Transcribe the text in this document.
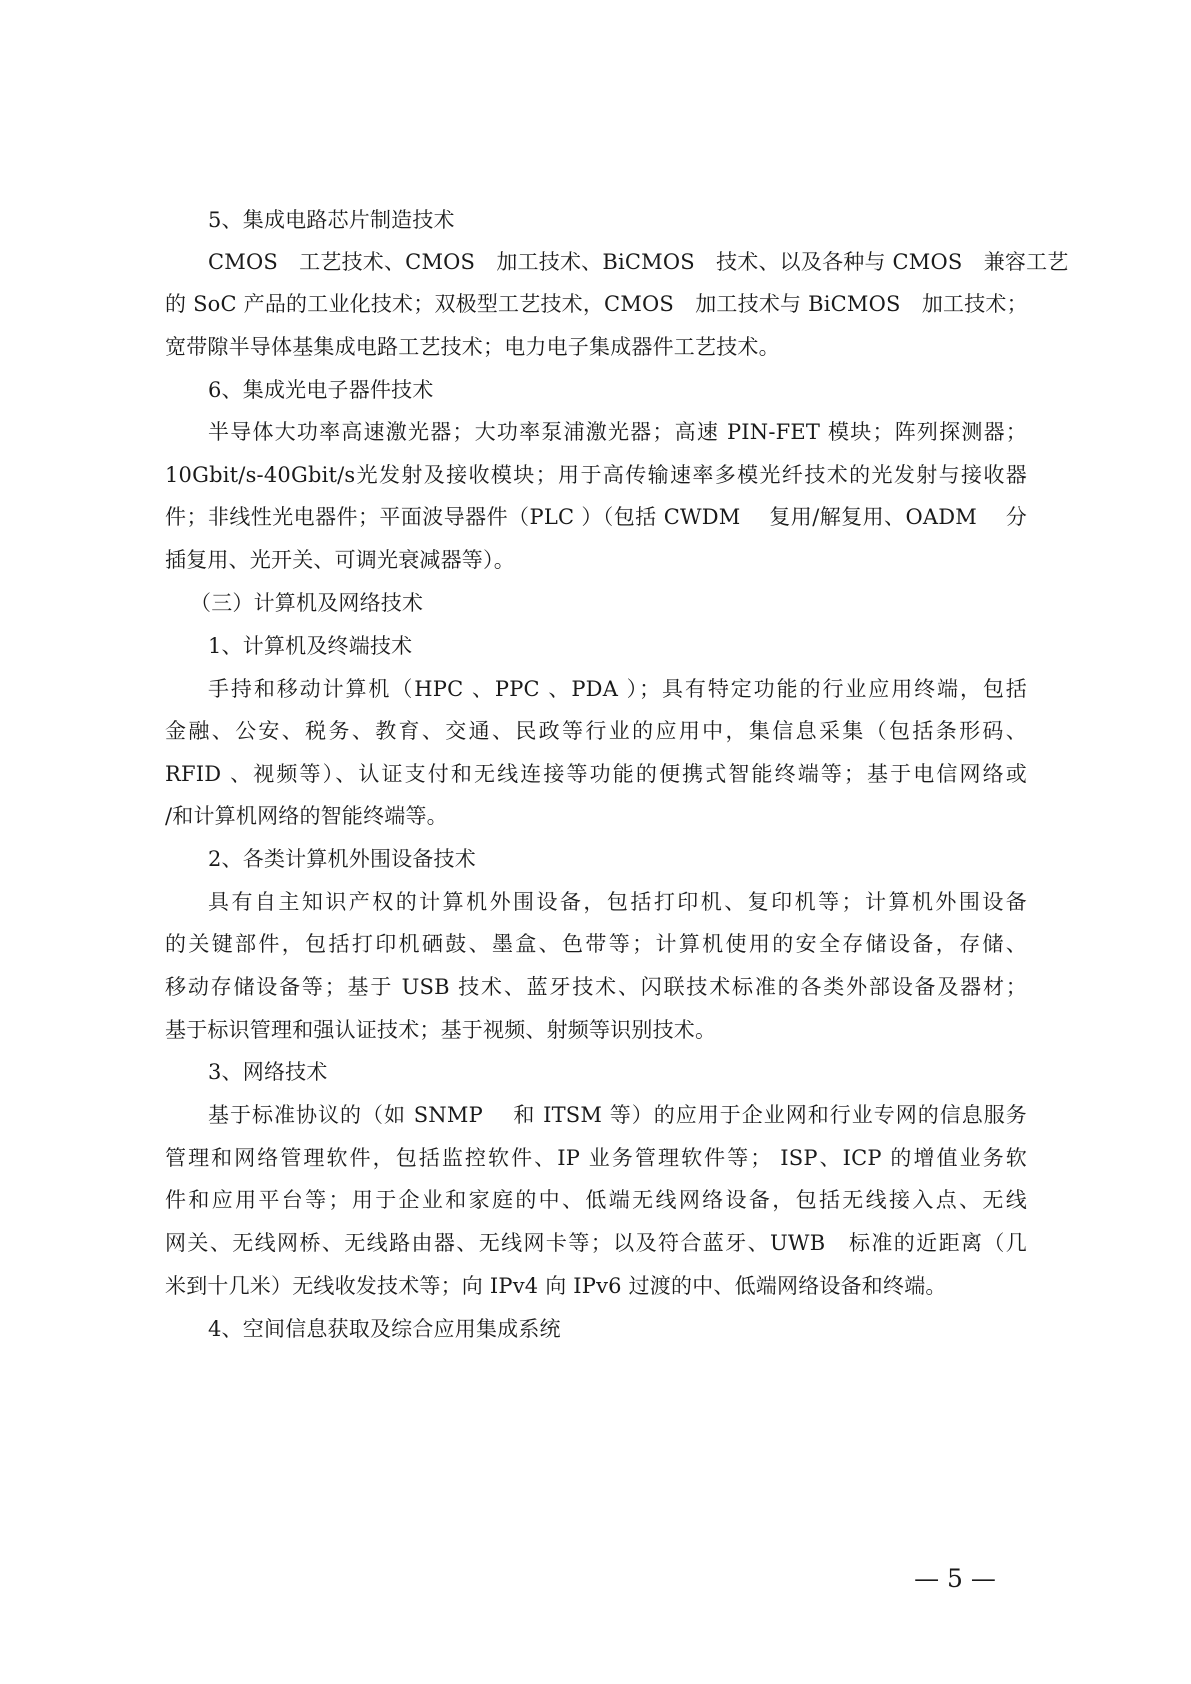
5、集成电路芯片制造技术
CMOS　工艺技术、CMOS　加工技术、BiCMOS　技术、以及各种与 CMOS　兼容工艺
的 SoC 产品的工业化技术；双极型工艺技术，CMOS　加工技术与 BiCMOS　加工技术；
宽带隙半导体基集成电路工艺技术；电力电子集成器件工艺技术。
6、集成光电子器件技术
半导体大功率高速激光器；大功率泵浦激光器；高速 PIN-FET 模块；阵列探测器；
10Gbit/s-40Gbit/s光发射及接收模块；用于高传输速率多模光纤技术的光发射与接收器
件；非线性光电器件；平面波导器件（PLC ）（包括 CWDM　 复用/解复用、OADM　 分
插复用、光开关、可调光衰减器等）。
（三）计算机及网络技术
1、计算机及终端技术
手持和移动计算机（HPC 、PPC 、PDA ）；具有特定功能的行业应用终端，包括
金融、公安、税务、教育、交通、民政等行业的应用中，集信息采集（包括条形码、
RFID 、视频等）、认证支付和无线连接等功能的便携式智能终端等；基于电信网络或
/和计算机网络的智能终端等。
2、各类计算机外围设备技术
具有自主知识产权的计算机外围设备，包括打印机、复印机等；计算机外围设备
的关键部件，包括打印机硒鼓、墨盒、色带等；计算机使用的安全存储设备，存储、
移动存储设备等；基于 USB 技术、蓝牙技术、闪联技术标准的各类外部设备及器材；
基于标识管理和强认证技术；基于视频、射频等识别技术。
3、网络技术
基于标准协议的（如 SNMP　 和 ITSM 等）的应用于企业网和行业专网的信息服务
管理和网络管理软件，包括监控软件、IP 业务管理软件等； ISP、ICP 的增值业务软
件和应用平台等；用于企业和家庭的中、低端无线网络设备，包括无线接入点、无线
网关、无线网桥、无线路由器、无线网卡等；以及符合蓝牙、UWB　标准的近距离（几
米到十几米）无线收发技术等；向 IPv4 向 IPv6 过渡的中、低端网络设备和终端。
4、空间信息获取及综合应用集成系统
— 5 —
